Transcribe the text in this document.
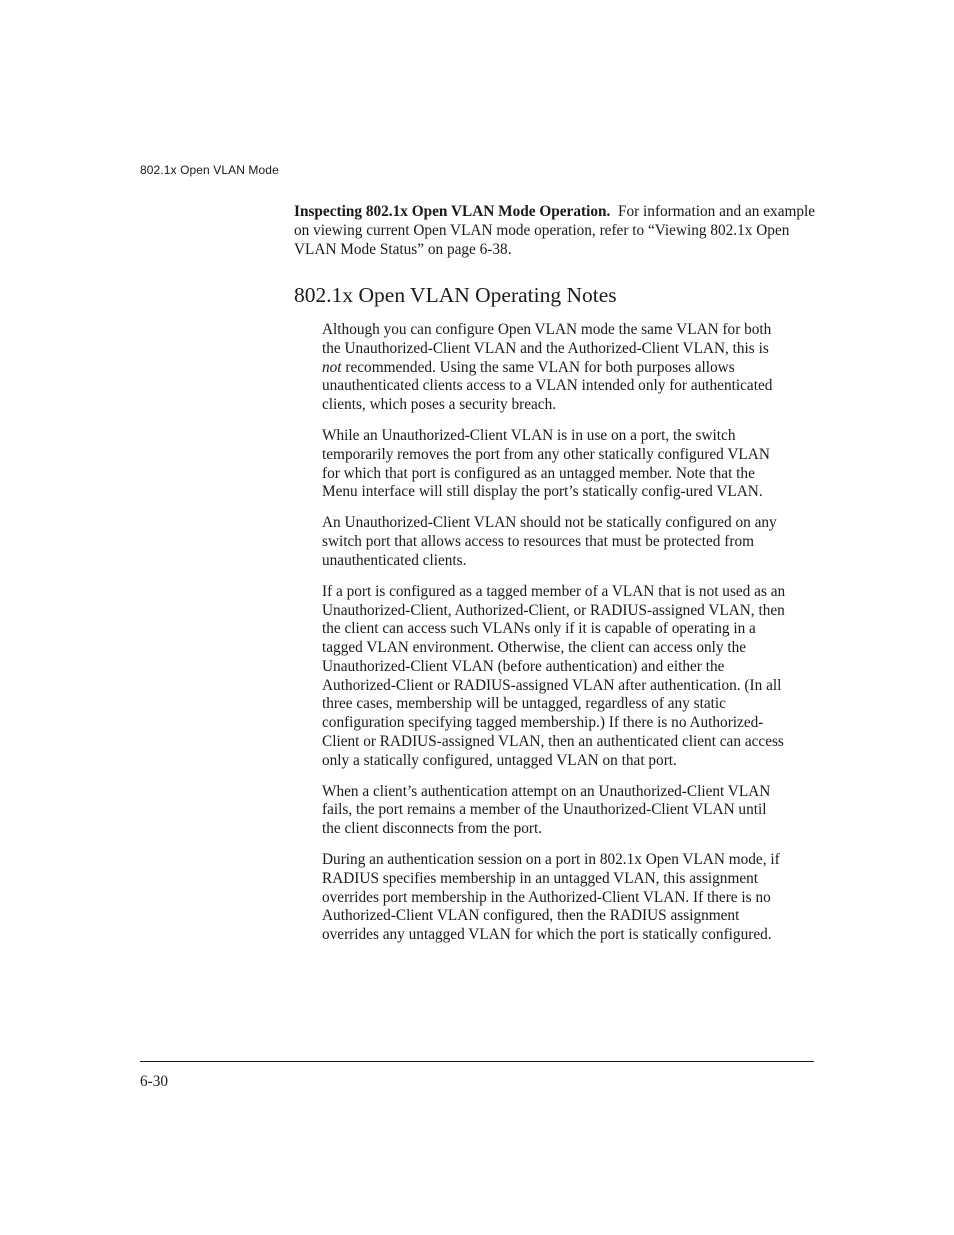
802.1x Open VLAN Mode
Inspecting 802.1x Open VLAN Mode Operation. For information and an example on viewing current Open VLAN mode operation, refer to “Viewing 802.1x Open VLAN Mode Status” on page 6-38.
802.1x Open VLAN Operating Notes

Although you can configure Open VLAN mode the same VLAN for both the Unauthorized-Client VLAN and the Authorized-Client VLAN, this is not recommended. Using the same VLAN for both purposes allows unauthenticated clients access to a VLAN intended only for authenticated clients, which poses a security breach.

While an Unauthorized-Client VLAN is in use on a port, the switch temporarily removes the port from any other statically configured VLAN for which that port is configured as an untagged member. Note that the Menu interface will still display the port’s statically config-ured VLAN.

An Unauthorized-Client VLAN should not be statically configured on any switch port that allows access to resources that must be protected from unauthenticated clients.

If a port is configured as a tagged member of a VLAN that is not used as an Unauthorized-Client, Authorized-Client, or RADIUS-assigned VLAN, then the client can access such VLANs only if it is capable of operating in a tagged VLAN environment. Otherwise, the client can access only the Unauthorized-Client VLAN (before authentication) and either the Authorized-Client or RADIUS-assigned VLAN after authentication. (In all three cases, membership will be untagged, regardless of any static configuration specifying tagged membership.) If there is no Authorized-Client or RADIUS-assigned VLAN, then an authenticated client can access only a statically configured, untagged VLAN on that port.

When a client’s authentication attempt on an Unauthorized-Client VLAN fails, the port remains a member of the Unauthorized-Client VLAN until the client disconnects from the port.

During an authentication session on a port in 802.1x Open VLAN mode, if RADIUS specifies membership in an untagged VLAN, this assignment overrides port membership in the Authorized-Client VLAN. If there is no Authorized-Client VLAN configured, then the RADIUS assignment overrides any untagged VLAN for which the port is statically configured.

6-30
